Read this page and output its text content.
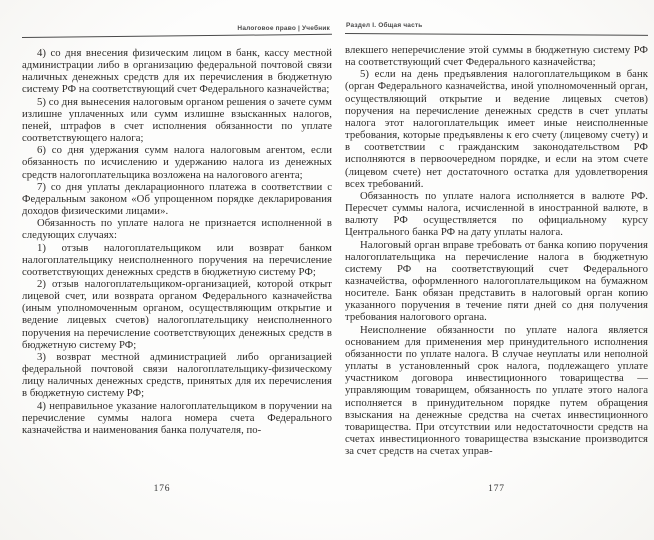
Налоговое право | Учебник

4) со дня внесения физическим лицом в банк, кассу местной администрации либо в организацию федеральной почтовой связи наличных денежных средств для их перечисления в бюджетную систему РФ на соответствующий счет Федерального казначейства;

5) со дня вынесения налоговым органом решения о зачете сумм излишне уплаченных или сумм излишне взысканных налогов, пеней, штрафов в счет исполнения обязанности по уплате соответствующего налога;

6) со дня удержания сумм налога налоговым агентом, если обязанность по исчислению и удержанию налога из денежных средств налогоплательщика возложена на налогового агента;

7) со дня уплаты декларационного платежа в соответствии с Федеральным законом «Об упрощенном порядке декларирования доходов физическими лицами».

Обязанность по уплате налога не признается исполненной в следующих случаях:

1) отзыв налогоплательщиком или возврат банком налогоплательщику неисполненного поручения на перечисление соответствующих денежных средств в бюджетную систему РФ;

2) отзыв налогоплательщиком-организацией, которой открыт лицевой счет, или возврата органом Федерального казначейства (иным уполномоченным органом, осуществляющим открытие и ведение лицевых счетов) налогоплательщику неисполненного поручения на перечисление соответствующих денежных средств в бюджетную систему РФ;

3) возврат местной администрацией либо организацией федеральной почтовой связи налогоплательщику-физическому лицу наличных денежных средств, принятых для их перечисления в бюджетную систему РФ;

4) неправильное указание налогоплательщиком в поручении на перечисление суммы налога номера счета Федерального казначейства и наименования банка получателя, по-

176
Раздел I. Общая часть

влекшего неперечисление этой суммы в бюджетную систему РФ на соответствующий счет Федерального казначейства;

5) если на день предъявления налогоплательщиком в банк (орган Федерального казначейства, иной уполномоченный орган, осуществляющий открытие и ведение лицевых счетов) поручения на перечисление денежных средств в счет уплаты налога этот налогоплательщик имеет иные неисполненные требования, которые предъявлены к его счету (лицевому счету) и в соответствии с гражданским законодательством РФ исполняются в первоочередном порядке, и если на этом счете (лицевом счете) нет достаточного остатка для удовлетворения всех требований.

Обязанность по уплате налога исполняется в валюте РФ. Пересчет суммы налога, исчисленной в иностранной валюте, в валюту РФ осуществляется по официальному курсу Центрального банка РФ на дату уплаты налога.

Налоговый орган вправе требовать от банка копию поручения налогоплательщика на перечисление налога в бюджетную систему РФ на соответствующий счет Федерального казначейства, оформленного налогоплательщиком на бумажном носителе. Банк обязан представить в налоговый орган копию указанного поручения в течение пяти дней со дня получения требования налогового органа.

Неисполнение обязанности по уплате налога является основанием для применения мер принудительного исполнения обязанности по уплате налога. В случае неуплаты или неполной уплаты в установленный срок налога, подлежащего уплате участником договора инвестиционного товарищества — управляющим товарищем, обязанность по уплате этого налога исполняется в принудительном порядке путем обращения взыскания на денежные средства на счетах инвестиционного товарищества. При отсутствии или недостаточности средств на счетах инвестиционного товарищества взыскание производится за счет средств на счетах управ-

177
